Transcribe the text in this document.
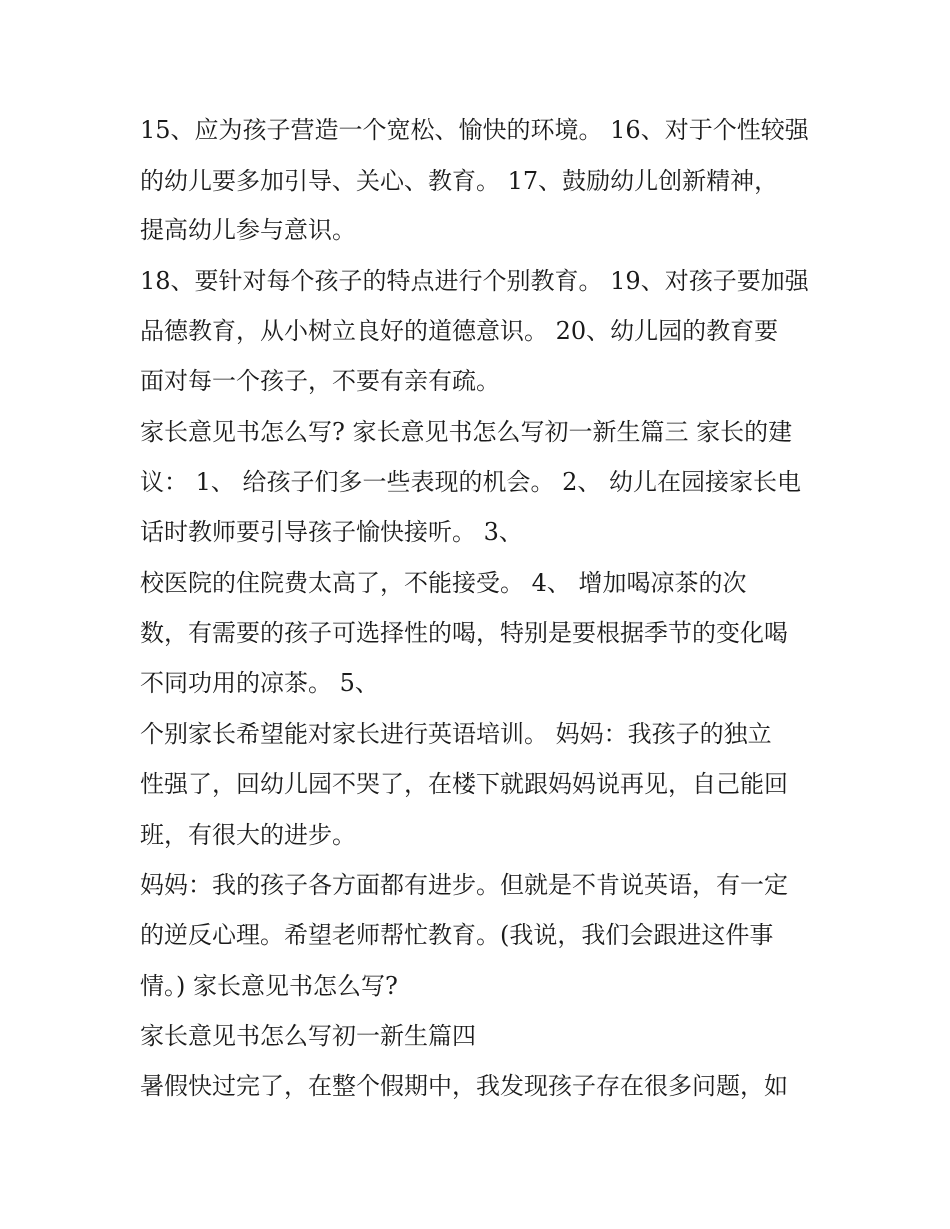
15、应为孩子营造一个宽松、愉快的环境。 16、对于个性较强
的幼儿要多加引导、关心、教育。 17、鼓励幼儿创新精神，
提高幼儿参与意识。
18、要针对每个孩子的特点进行个别教育。 19、对孩子要加强
品德教育，从小树立良好的道德意识。 20、幼儿园的教育要
面对每一个孩子，不要有亲有疏。
家长意见书怎么写? 家长意见书怎么写初一新生篇三 家长的建
议： 1、 给孩子们多一些表现的机会。 2、 幼儿在园接家长电
话时教师要引导孩子愉快接听。 3、
校医院的住院费太高了，不能接受。 4、 增加喝凉茶的次
数，有需要的孩子可选择性的喝，特别是要根据季节的变化喝
不同功用的凉茶。 5、
个别家长希望能对家长进行英语培训。 妈妈：我孩子的独立
性强了，回幼儿园不哭了，在楼下就跟妈妈说再见，自己能回
班，有很大的进步。
妈妈：我的孩子各方面都有进步。但就是不肯说英语，有一定
的逆反心理。希望老师帮忙教育。(我说，我们会跟进这件事
情。) 家长意见书怎么写?
家长意见书怎么写初一新生篇四
暑假快过完了，在整个假期中，我发现孩子存在很多问题，如
